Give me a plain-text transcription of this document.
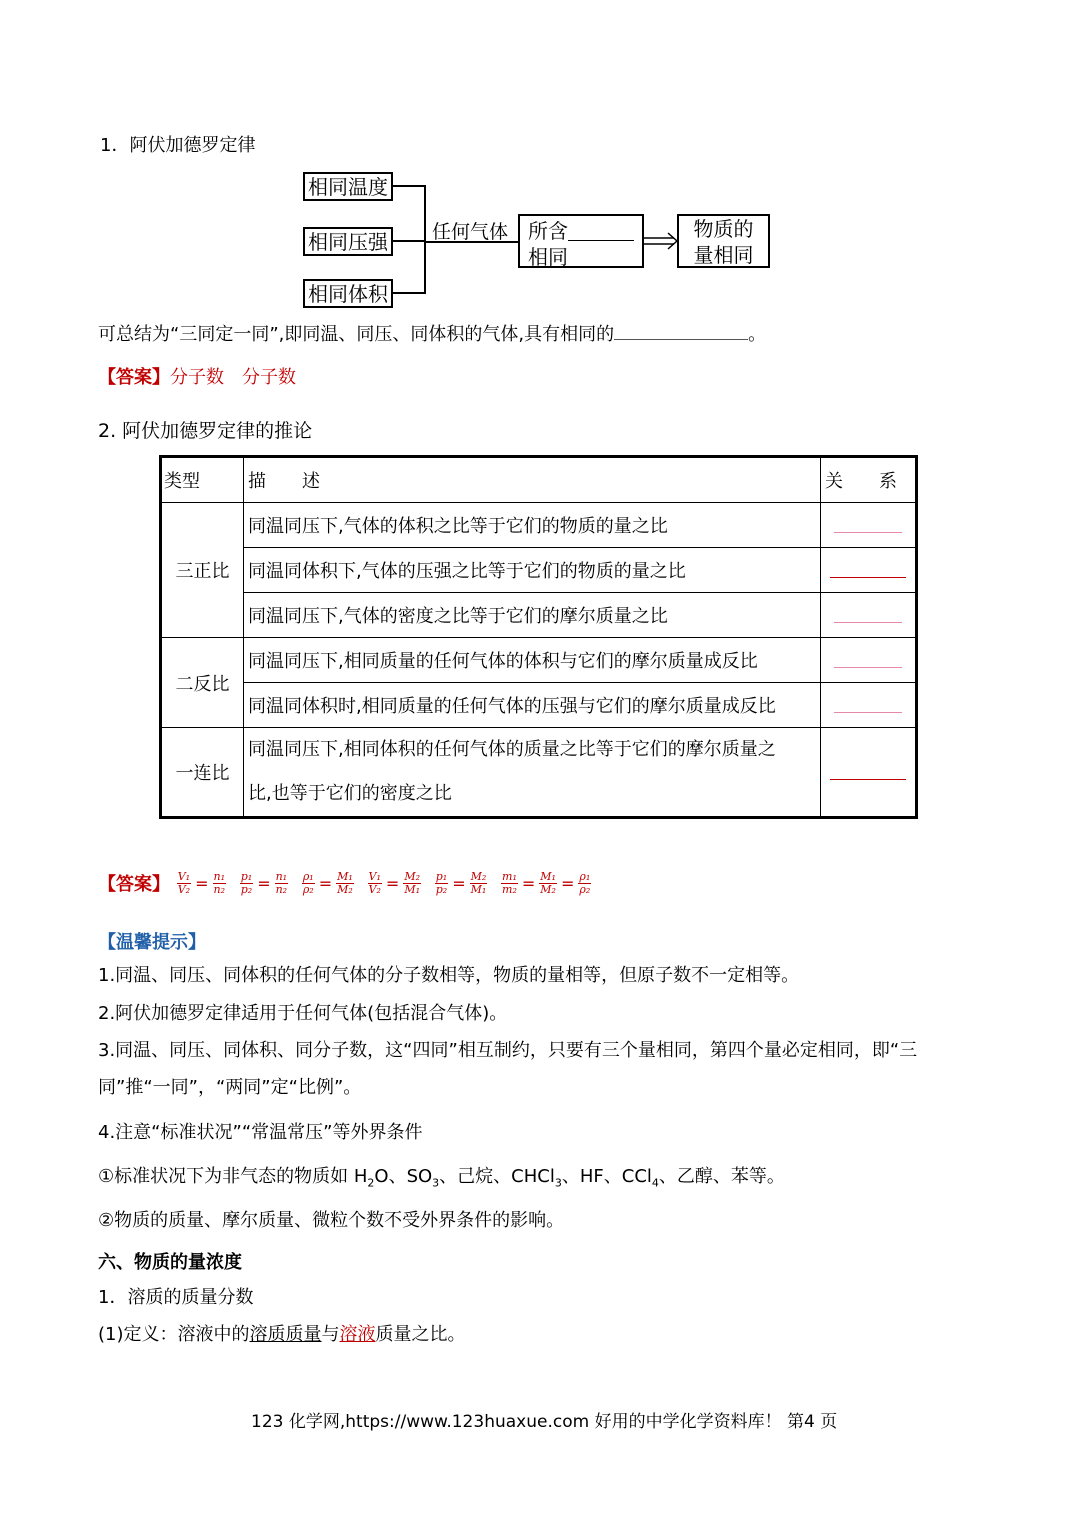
1．阿伏加德罗定律
相同温度
相同压强
相同体积
任何气体 所含
相同
物质的
量相同
可总结为“三同定一同”,即同温、同压、同体积的气体,具有相同的	。
【答案】分子数　分子数
2. 阿伏加德罗定律的推论
类型	描　　述	关　　系
三正比	同温同压下,气体的体积之比等于它们的物质的量之比	

	同温同体积下,气体的压强之比等于它们的物质的量之比	

	同温同压下,气体的密度之比等于它们的摩尔质量之比	

二反比	同温同压下,相同质量的任何气体的体积与它们的摩尔质量成反比	

	同温同体积时,相同质量的任何气体的压强与它们的摩尔质量成反比	

一连比	同温同压下,相同体积的任何气体的质量之比等于它们的摩尔质量之
比,也等于它们的密度之比	

【答案】 $\frac{\text{V₁}}{\text{V₂}} = \frac{\text{n₁}}{\text{n₂}}$
$\frac{\text{p₁}}{\text{p₂}} = \frac{\text{n₁}}{\text{n₂}}$
$\frac{\text{ρ₁}}{\text{ρ₂}} = \frac{\text{M₁}}{\text{M₂}}$
$\frac{\text{V₁}}{\text{V₂}} = \frac{\text{M₂}}{\text{M₁}}$
$\frac{\text{p₁}}{\text{p₂}} = \frac{\text{M₂}}{\text{M₁}}$
$\frac{\text{m₁}}{\text{m₂}} = \frac{\text{M₁}}{\text{M₂}} = \frac{\text{ρ₁}}{\text{ρ₂}}$
【温馨提示】
1.同温、同压、同体积的任何气体的分子数相等，物质的量相等，但原子数不一定相等。
2.阿伏加德罗定律适用于任何气体(包括混合气体)。
3.同温、同压、同体积、同分子数，这“四同”相互制约，只要有三个量相同，第四个量必定相同，即“三
同”推“一同”，“两同”定“比例”。
4.注意“标准状况”“常温常压”等外界条件
①标准状况下为非气态的物质如 $H_2O$、$SO_3$、己烷、CHCl$_3$、HF、CCl$_4$、乙醇、苯等。
②物质的质量、摩尔质量、微粒个数不受外界条件的影响。
六、物质的量浓度
1．溶质的质量分数
(1)定义：溶液中的溶质质量与溶液质量之比。
123 化学网,https://www.123huaxue.com 好用的中学化学资料库！ 第4 页
